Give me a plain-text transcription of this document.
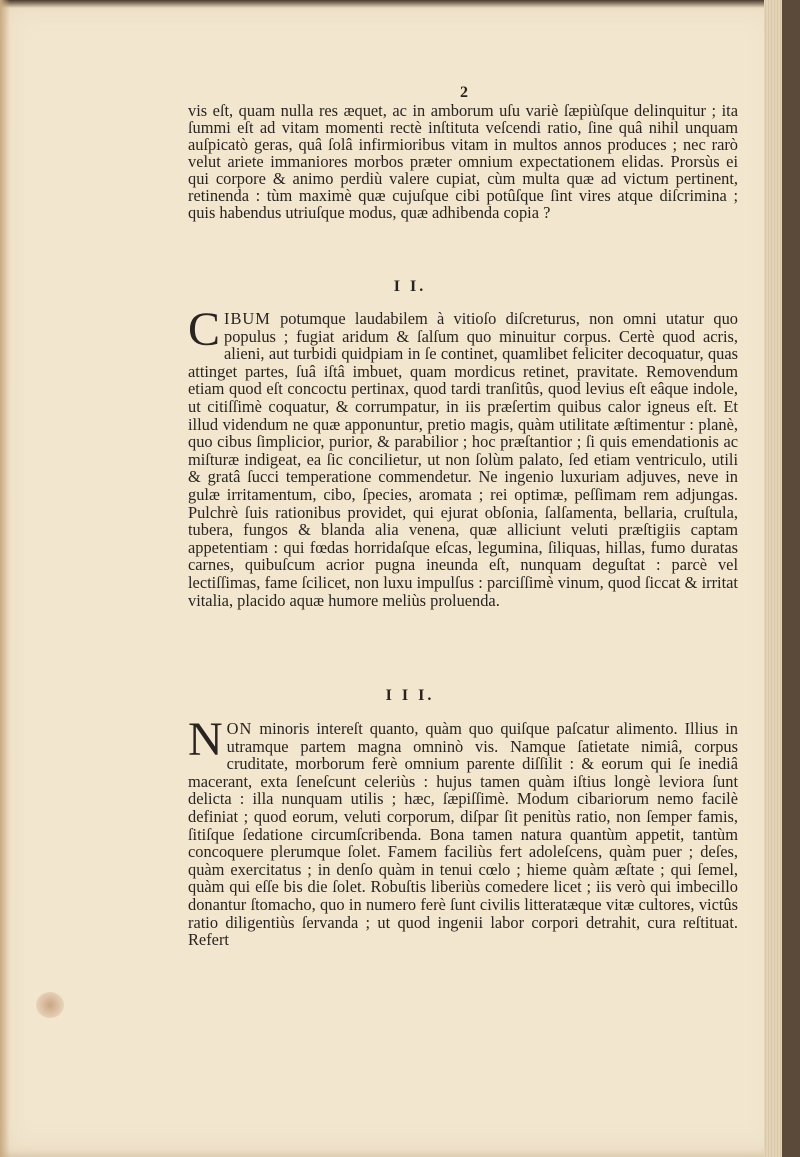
2
vis eſt, quam nulla res æquet, ac in amborum uſu variè ſæpiùſque delinquitur ; ita ſummi eſt ad vitam momenti rectè inſtituta veſcendi ratio, ſine quâ nihil unquam auſpicatò geras, quâ ſolâ infirmioribus vitam in multos annos produces ; nec rarò velut ariete immaniores morbos præter omnium expectationem elidas. Prorsùs ei qui corpore & animo perdiù valere cupiat, cùm multa quæ ad victum pertinent, retinenda : tùm maximè quæ cujuſque cibi potûſque ſint vires atque diſcrimina ; quis habendus utriuſque modus, quæ adhibenda copia ?
I I.
CIBUM potumque laudabilem à vitioſo diſcreturus, non omni utatur quo populus ; fugiat aridum & ſalſum quo minuitur corpus. Certè quod acris, alieni, aut turbidi quidpiam in ſe continet, quamlibet feliciter decoquatur, quas attinget partes, ſuâ iſtâ imbuet, quam mordicus retinet, pravitate. Removendum etiam quod eſt concoctu pertinax, quod tardi tranſitûs, quod levius eſt eâque indole, ut citiſſimè coquatur, & corrumpatur, in iis præſertim quibus calor igneus eſt. Et illud videndum ne quæ apponuntur, pretio magis, quàm utilitate æſtimentur : planè, quo cibus ſimplicior, purior, & parabilior ; hoc præſtantior ; ſi quis emendationis ac miſturæ indigeat, ea ſic concilietur, ut non ſolùm palato, ſed etiam ventriculo, utili & gratâ ſucci temperatione commendetur. Ne ingenio luxuriam adjuves, neve in gulæ irritamentum, cibo, ſpecies, aromata ; rei optimæ, peſſimam rem adjungas. Pulchrè ſuis rationibus providet, qui ejurat obſonia, ſalſamenta, bellaria, cruſtula, tubera, fungos & blanda alia venena, quæ alliciunt veluti præſtigiis captam appetentiam : qui fœdas horridaſque eſcas, legumina, ſiliquas, hillas, fumo duratas carnes, quibuſcum acrior pugna ineunda eſt, nunquam deguſtat : parcè vel lectiſſimas, fame ſcilicet, non luxu impulſus : parciſſimè vinum, quod ſiccat & irritat vitalia, placido aquæ humore meliùs proluenda.
I I I.
NON minoris intereſt quanto, quàm quo quiſque paſcatur alimento. Illius in utramque partem magna omninò vis. Namque ſatietate nimiâ, corpus cruditate, morborum ferè omnium parente diſſilit : & eorum qui ſe inediâ macerant, exta ſeneſcunt celeriùs : hujus tamen quàm iſtius longè leviora ſunt delicta : illa nunquam utilis ; hæc, ſæpiſſimè. Modum cibariorum nemo facilè definiat ; quod eorum, veluti corporum, diſpar ſit penitùs ratio, non ſemper famis, ſitiſque ſedatione circumſcribenda. Bona tamen natura quantùm appetit, tantùm concoquere plerumque ſolet. Famem faciliùs fert adoleſcens, quàm puer ; deſes, quàm exercitatus ; in denſo quàm in tenui cœlo ; hieme quàm æſtate ; qui ſemel, quàm qui eſſe bis die ſolet. Robuſtis liberiùs comedere licet ; iis verò qui imbecillo donantur ſtomacho, quo in numero ferè ſunt civilis litteratæque vitæ cultores, victûs ratio diligentiùs ſervanda ; ut quod ingenii labor corpori detrahit, cura reſtituat. Refert
